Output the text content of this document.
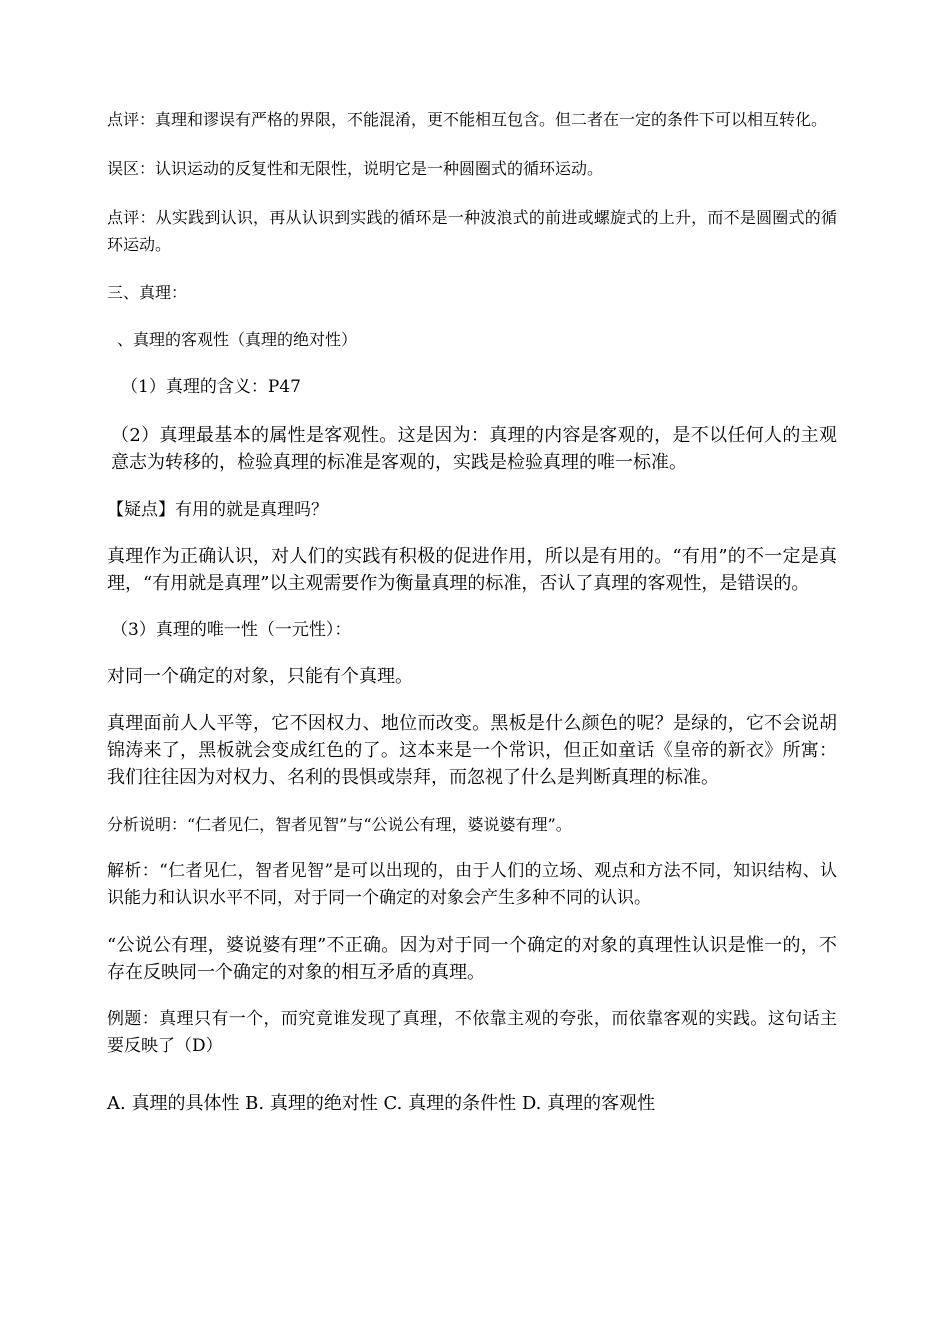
点评：真理和谬误有严格的界限，不能混淆，更不能相互包含。但二者在一定的条件下可以相互转化。

误区：认识运动的反复性和无限性，说明它是一种圆圈式的循环运动。

点评：从实践到认识，再从认识到实践的循环是一种波浪式的前进或螺旋式的上升，而不是圆圈式的循环运动。

三、真理：

、真理的客观性（真理的绝对性）

（1）真理的含义：P47

（2）真理最基本的属性是客观性。这是因为：真理的内容是客观的，是不以任何人的主观意志为转移的，检验真理的标准是客观的，实践是检验真理的唯一标准。

【疑点】有用的就是真理吗？

真理作为正确认识，对人们的实践有积极的促进作用，所以是有用的。“有用”的不一定是真理，“有用就是真理”以主观需要作为衡量真理的标准，否认了真理的客观性，是错误的。

（3）真理的唯一性（一元性）：

对同一个确定的对象，只能有个真理。

真理面前人人平等，它不因权力、地位而改变。黑板是什么颜色的呢？是绿的，它不会说胡锦涛来了，黑板就会变成红色的了。这本来是一个常识，但正如童话《皇帝的新衣》所寓：我们往往因为对权力、名利的畏惧或崇拜，而忽视了什么是判断真理的标准。

分析说明：“仁者见仁，智者见智”与“公说公有理，婆说婆有理”。

解析：“仁者见仁，智者见智”是可以出现的，由于人们的立场、观点和方法不同，知识结构、认识能力和认识水平不同，对于同一个确定的对象会产生多种不同的认识。

“公说公有理，婆说婆有理”不正确。因为对于同一个确定的对象的真理性认识是惟一的，不存在反映同一个确定的对象的相互矛盾的真理。

例题：真理只有一个，而究竟谁发现了真理，不依靠主观的夸张，而依靠客观的实践。这句话主要反映了（D）

A. 真理的具体性 B. 真理的绝对性 C. 真理的条件性 D. 真理的客观性
